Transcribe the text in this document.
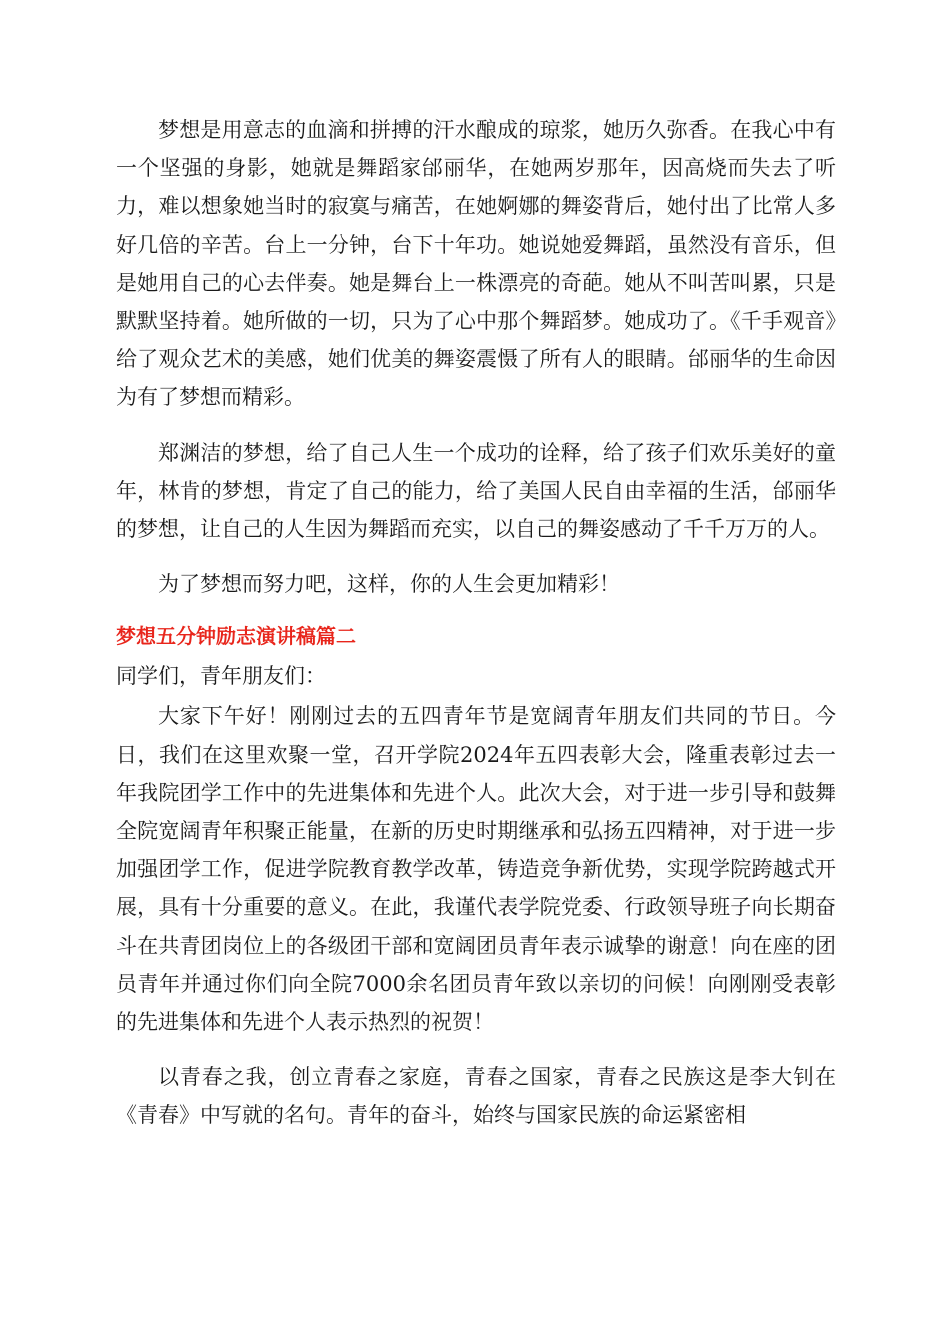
梦想是用意志的血滴和拼搏的汗水酿成的琼浆，她历久弥香。在我心中有一个坚强的身影，她就是舞蹈家邰丽华，在她两岁那年，因高烧而失去了听力，难以想象她当时的寂寞与痛苦，在她婀娜的舞姿背后，她付出了比常人多好几倍的辛苦。台上一分钟，台下十年功。她说她爱舞蹈，虽然没有音乐，但是她用自己的心去伴奏。她是舞台上一株漂亮的奇葩。她从不叫苦叫累，只是默默坚持着。她所做的一切，只为了心中那个舞蹈梦。她成功了。《千手观音》给了观众艺术的美感，她们优美的舞姿震慑了所有人的眼睛。邰丽华的生命因为有了梦想而精彩。

郑渊洁的梦想，给了自己人生一个成功的诠释，给了孩子们欢乐美好的童年，林肯的梦想，肯定了自己的能力，给了美国人民自由幸福的生活，邰丽华的梦想，让自己的人生因为舞蹈而充实，以自己的舞姿感动了千千万万的人。

为了梦想而努力吧，这样，你的人生会更加精彩！

梦想五分钟励志演讲稿篇二

同学们，青年朋友们：

大家下午好！刚刚过去的五四青年节是宽阔青年朋友们共同的节日。今日，我们在这里欢聚一堂，召开学院2024年五四表彰大会，隆重表彰过去一年我院团学工作中的先进集体和先进个人。此次大会，对于进一步引导和鼓舞全院宽阔青年积聚正能量，在新的历史时期继承和弘扬五四精神，对于进一步加强团学工作，促进学院教育教学改革，铸造竞争新优势，实现学院跨越式开展，具有十分重要的意义。在此，我谨代表学院党委、行政领导班子向长期奋斗在共青团岗位上的各级团干部和宽阔团员青年表示诚挚的谢意！向在座的团员青年并通过你们向全院7000余名团员青年致以亲切的问候！向刚刚受表彰的先进集体和先进个人表示热烈的祝贺！

以青春之我，创立青春之家庭，青春之国家，青春之民族这是李大钊在《青春》中写就的名句。青年的奋斗，始终与国家民族的命运紧密相
